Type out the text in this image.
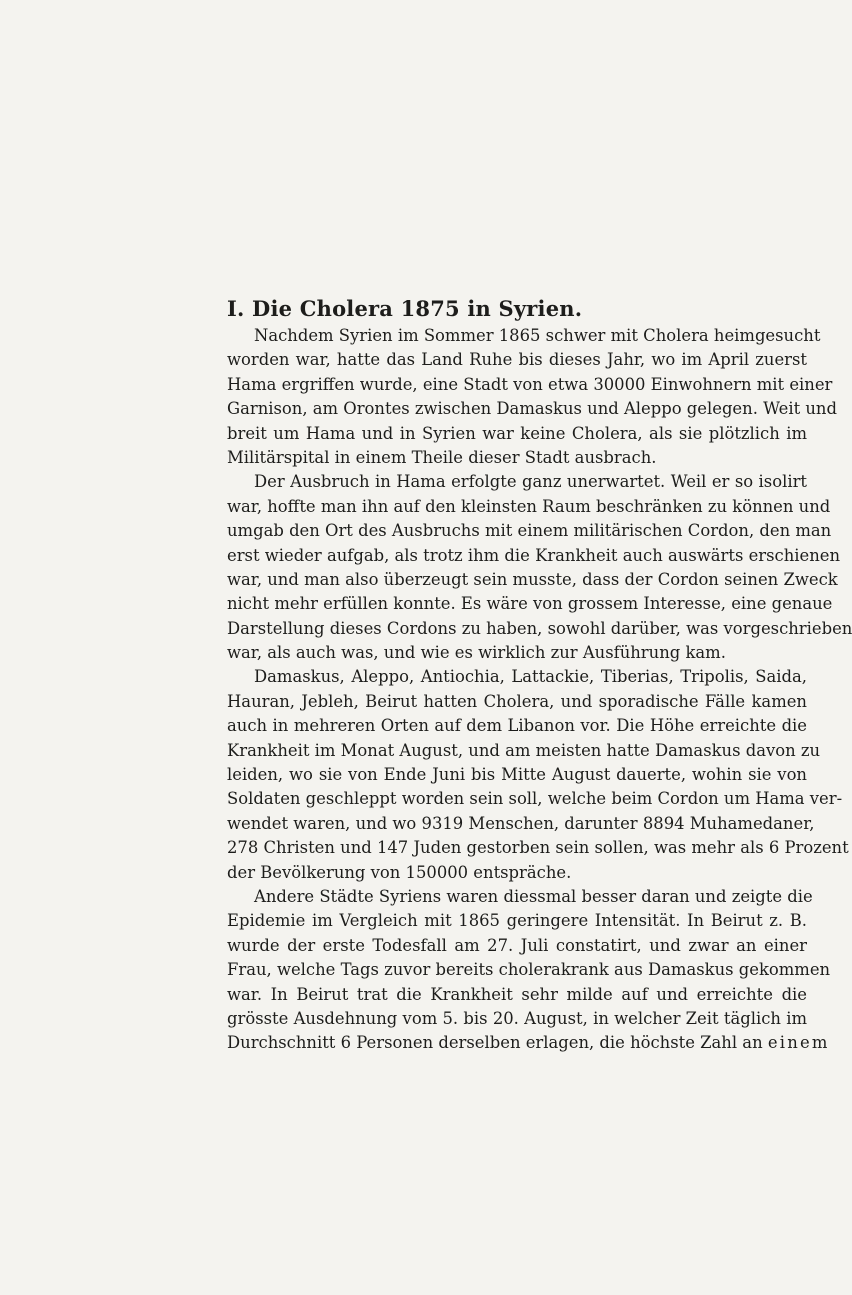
I. Die Cholera 1875 in Syrien.
Nachdem Syrien im Sommer 1865 schwer mit Cholera heimgesucht
worden war, hatte das Land Ruhe bis dieses Jahr, wo im April zuerst
Hama ergriffen wurde, eine Stadt von etwa 30000 Einwohnern mit einer
Garnison, am Orontes zwischen Damaskus und Aleppo gelegen. Weit und
breit um Hama und in Syrien war keine Cholera, als sie plötzlich im
Militärspital in einem Theile dieser Stadt ausbrach.
Der Ausbruch in Hama erfolgte ganz unerwartet. Weil er so isolirt
war, hoffte man ihn auf den kleinsten Raum beschränken zu können und
umgab den Ort des Ausbruchs mit einem militärischen Cordon, den man
erst wieder aufgab, als trotz ihm die Krankheit auch auswärts erschienen
war, und man also überzeugt sein musste, dass der Cordon seinen Zweck
nicht mehr erfüllen konnte. Es wäre von grossem Interesse, eine genaue
Darstellung dieses Cordons zu haben, sowohl darüber, was vorgeschrieben
war, als auch was, und wie es wirklich zur Ausführung kam.
Damaskus, Aleppo, Antiochia, Lattackie, Tiberias, Tripolis, Saida,
Hauran, Jebleh, Beirut hatten Cholera, und sporadische Fälle kamen
auch in mehreren Orten auf dem Libanon vor. Die Höhe erreichte die
Krankheit im Monat August, und am meisten hatte Damaskus davon zu
leiden, wo sie von Ende Juni bis Mitte August dauerte, wohin sie von
Soldaten geschleppt worden sein soll, welche beim Cordon um Hama ver-
wendet waren, und wo 9319 Menschen, darunter 8894 Muhamedaner,
278 Christen und 147 Juden gestorben sein sollen, was mehr als 6 Prozent
der Bevölkerung von 150000 entspräche.
Andere Städte Syriens waren diessmal besser daran und zeigte die
Epidemie im Vergleich mit 1865 geringere Intensität. In Beirut z. B.
wurde der erste Todesfall am 27. Juli constatirt, und zwar an einer
Frau, welche Tags zuvor bereits cholerakrank aus Damaskus gekommen
war. In Beirut trat die Krankheit sehr milde auf und erreichte die
grösste Ausdehnung vom 5. bis 20. August, in welcher Zeit täglich im
Durchschnitt 6 Personen derselben erlagen, die höchste Zahl an einem
